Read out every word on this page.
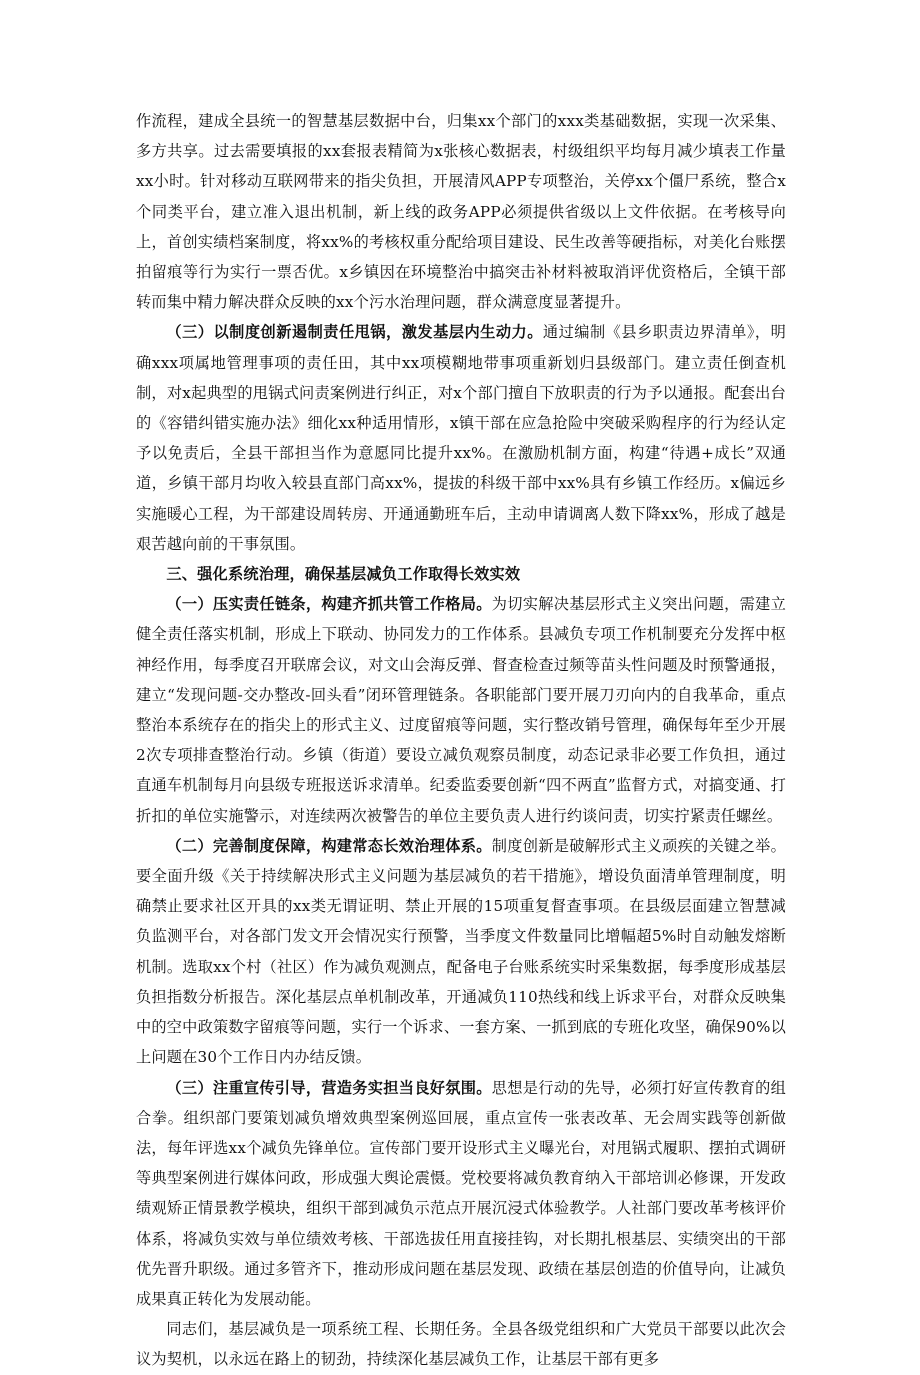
作流程，建成全县统一的智慧基层数据中台，归集xx个部门的xxx类基础数据，实现一次采集、多方共享。过去需要填报的xx套报表精简为x张核心数据表，村级组织平均每月减少填表工作量xx小时。针对移动互联网带来的指尖负担，开展清风APP专项整治，关停xx个僵尸系统，整合x个同类平台，建立准入退出机制，新上线的政务APP必须提供省级以上文件依据。在考核导向上，首创实绩档案制度，将xx%的考核权重分配给项目建设、民生改善等硬指标，对美化台账摆拍留痕等行为实行一票否优。x乡镇因在环境整治中搞突击补材料被取消评优资格后，全镇干部转而集中精力解决群众反映的xx个污水治理问题，群众满意度显著提升。

（三）以制度创新遏制责任甩锅，激发基层内生动力。通过编制《县乡职责边界清单》，明确xxx项属地管理事项的责任田，其中xx项模糊地带事项重新划归县级部门。建立责任倒查机制，对x起典型的甩锅式问责案例进行纠正，对x个部门擅自下放职责的行为予以通报。配套出台的《容错纠错实施办法》细化xx种适用情形，x镇干部在应急抢险中突破采购程序的行为经认定予以免责后，全县干部担当作为意愿同比提升xx%。在激励机制方面，构建“待遇+成长”双通道，乡镇干部月均收入较县直部门高xx%，提拔的科级干部中xx%具有乡镇工作经历。x偏远乡实施暖心工程，为干部建设周转房、开通通勤班车后，主动申请调离人数下降xx%，形成了越是艰苦越向前的干事氛围。

三、强化系统治理，确保基层减负工作取得长效实效

（一）压实责任链条，构建齐抓共管工作格局。为切实解决基层形式主义突出问题，需建立健全责任落实机制，形成上下联动、协同发力的工作体系。县减负专项工作机制要充分发挥中枢神经作用，每季度召开联席会议，对文山会海反弹、督查检查过频等苗头性问题及时预警通报，建立“发现问题-交办整改-回头看”闭环管理链条。各职能部门要开展刀刃向内的自我革命，重点整治本系统存在的指尖上的形式主义、过度留痕等问题，实行整改销号管理，确保每年至少开展2次专项排查整治行动。乡镇（街道）要设立减负观察员制度，动态记录非必要工作负担，通过直通车机制每月向县级专班报送诉求清单。纪委监委要创新“四不两直”监督方式，对搞变通、打折扣的单位实施警示，对连续两次被警告的单位主要负责人进行约谈问责，切实拧紧责任螺丝。

（二）完善制度保障，构建常态长效治理体系。制度创新是破解形式主义顽疾的关键之举。要全面升级《关于持续解决形式主义问题为基层减负的若干措施》，增设负面清单管理制度，明确禁止要求社区开具的xx类无谓证明、禁止开展的15项重复督查事项。在县级层面建立智慧减负监测平台，对各部门发文开会情况实行预警，当季度文件数量同比增幅超5%时自动触发熔断机制。选取xx个村（社区）作为减负观测点，配备电子台账系统实时采集数据，每季度形成基层负担指数分析报告。深化基层点单机制改革，开通减负110热线和线上诉求平台，对群众反映集中的空中政策数字留痕等问题，实行一个诉求、一套方案、一抓到底的专班化攻坚，确保90%以上问题在30个工作日内办结反馈。

（三）注重宣传引导，营造务实担当良好氛围。思想是行动的先导，必须打好宣传教育的组合拳。组织部门要策划减负增效典型案例巡回展，重点宣传一张表改革、无会周实践等创新做法，每年评选xx个减负先锋单位。宣传部门要开设形式主义曝光台，对甩锅式履职、摆拍式调研等典型案例进行媒体问政，形成强大舆论震慑。党校要将减负教育纳入干部培训必修课，开发政绩观矫正情景教学模块，组织干部到减负示范点开展沉浸式体验教学。人社部门要改革考核评价体系，将减负实效与单位绩效考核、干部选拔任用直接挂钩，对长期扎根基层、实绩突出的干部优先晋升职级。通过多管齐下，推动形成问题在基层发现、政绩在基层创造的价值导向，让减负成果真正转化为发展动能。

同志们，基层减负是一项系统工程、长期任务。全县各级党组织和广大党员干部要以此次会议为契机，以永远在路上的韧劲，持续深化基层减负工作，让基层干部有更多
